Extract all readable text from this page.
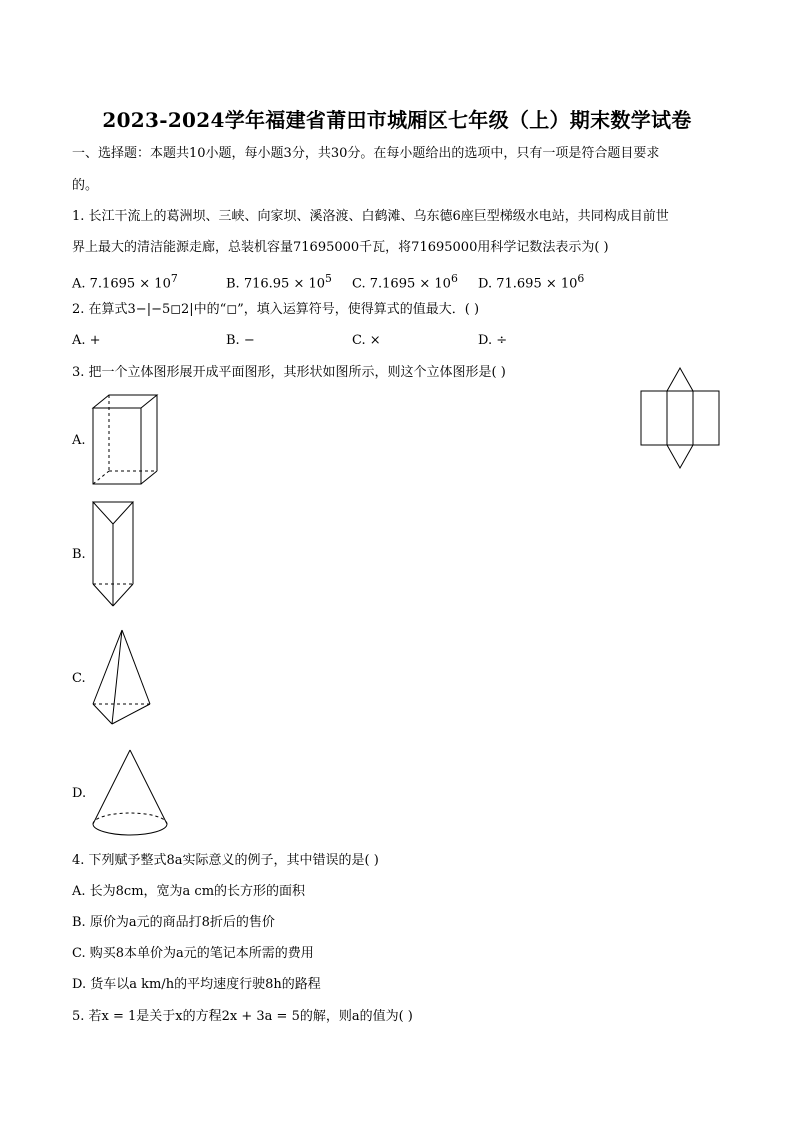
2023-2024学年福建省莆田市城厢区七年级（上）期末数学试卷
一、选择题：本题共10小题，每小题3分，共30分。在每小题给出的选项中，只有一项是符合题目要求
的。
1. 长江干流上的葛洲坝、三峡、向家坝、溪洛渡、白鹤滩、乌东德6座巨型梯级水电站，共同构成目前世
界上最大的清洁能源走廊，总装机容量71695000千瓦，将71695000用科学记数法表示为( )
A. $7.1695 \times 10^7$	B. $716.95 \times 10^5$ C. $7.1695 \times 10^6$ D. $71.695 \times 10^6$
2. 在算式3−|−5◻2|中的“◻”，填入运算符号，使得算式的值最大．( )
A. +	B. −	C. ×	D. ÷
3. 把一个立体图形展开成平面图形，其形状如图所示，则这个立体图形是( )
A.
B.
C.
D.
4. 下列赋予整式8a实际意义的例子，其中错误的是( )
A. 长为8cm，宽为a cm的长方形的面积
B. 原价为a元的商品打8折后的售价
C. 购买8本单价为a元的笔记本所需的费用
D. 货车以a km/h的平均速度行驶8h的路程
5. 若x = 1是关于x的方程2x + 3a = 5的解，则a的值为( )
